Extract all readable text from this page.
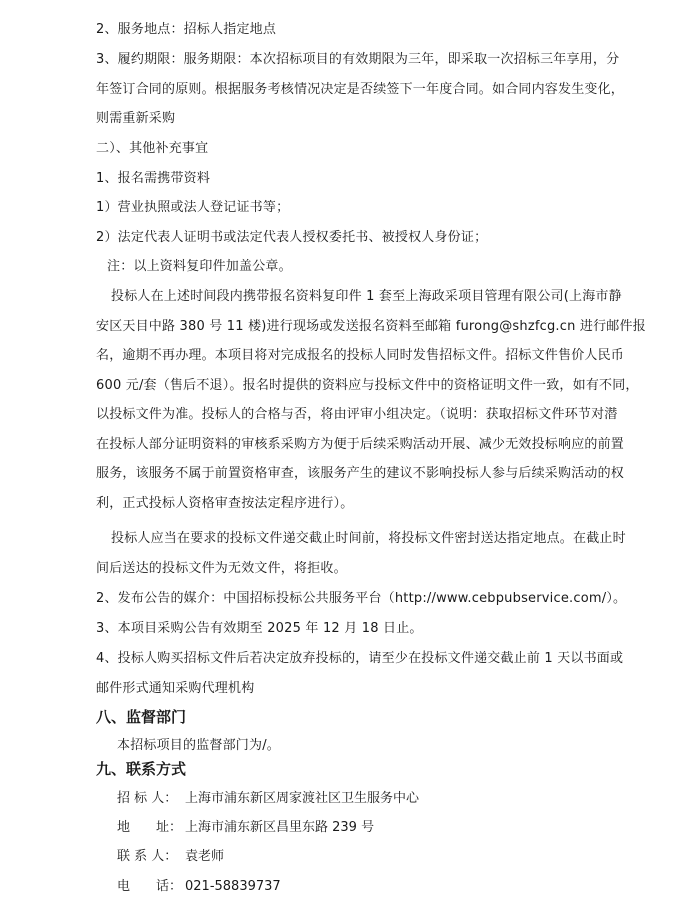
2、服务地点：招标人指定地点
3、履约期限：服务期限：本次招标项目的有效期限为三年，即采取一次招标三年享用，分
年签订合同的原则。根据服务考核情况决定是否续签下一年度合同。如合同内容发生变化，
则需重新采购
二）、其他补充事宜
1、报名需携带资料
1）营业执照或法人登记证书等；
2）法定代表人证明书或法定代表人授权委托书、被授权人身份证；
注：以上资料复印件加盖公章。
投标人在上述时间段内携带报名资料复印件 1 套至上海政采项目管理有限公司(上海市静
安区天目中路 380 号 11 楼)进行现场或发送报名资料至邮箱 furong@shzfcg.cn 进行邮件报
名，逾期不再办理。本项目将对完成报名的投标人同时发售招标文件。招标文件售价人民币
600 元/套（售后不退）。报名时提供的资料应与投标文件中的资格证明文件一致，如有不同，
以投标文件为准。投标人的合格与否，将由评审小组决定。（说明：获取招标文件环节对潜
在投标人部分证明资料的审核系采购方为便于后续采购活动开展、减少无效投标响应的前置
服务，该服务不属于前置资格审查，该服务产生的建议不影响投标人参与后续采购活动的权
利，正式投标人资格审查按法定程序进行）。
投标人应当在要求的投标文件递交截止时间前，将投标文件密封送达指定地点。在截止时
间后送达的投标文件为无效文件，将拒收。
2、发布公告的媒介：中国招标投标公共服务平台（http://www.cebpubservice.com/）。
3、本项目采购公告有效期至 2025 年 12 月 18 日止。
4、投标人购买招标文件后若决定放弃投标的，请至少在投标文件递交截止前 1 天以书面或
邮件形式通知采购代理机构
八、监督部门
本招标项目的监督部门为/。
九、联系方式
招 标 人： 上海市浦东新区周家渡社区卫生服务中心
地　　址： 上海市浦东新区昌里东路 239 号
联 系 人： 袁老师
电　　话： 021-58839737
